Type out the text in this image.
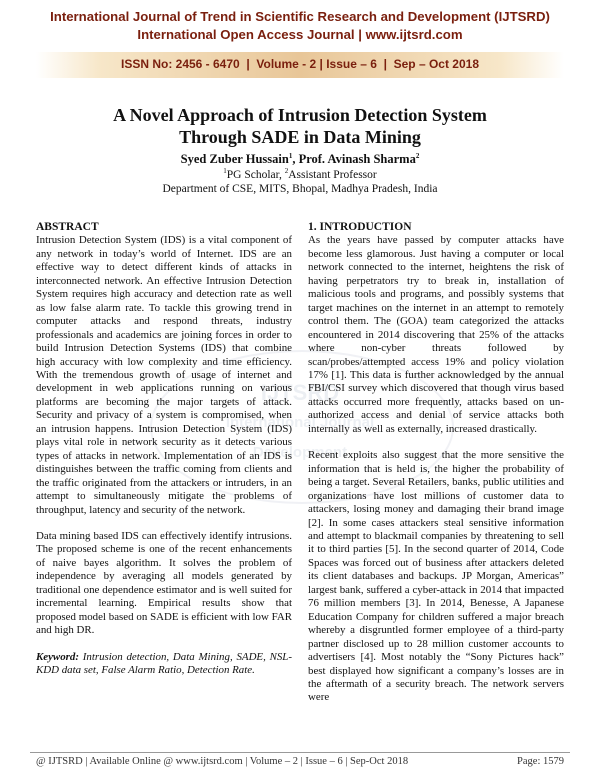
International Journal of Trend in Scientific Research and Development (IJTSRD)
International Open Access Journal | www.ijtsrd.com
ISSN No: 2456 - 6470  |  Volume - 2 | Issue – 6  |  Sep – Oct 2018
IJTSRD
International Journal
Development
A Novel Approach of Intrusion Detection System
Through SADE in Data Mining
Syed Zuber Hussain$^1$, Prof. Avinash Sharma$^2$
$^1$PG Scholar, $^2$Assistant Professor
Department of CSE, MITS, Bhopal, Madhya Pradesh, India
ABSTRACT

Intrusion Detection System (IDS) is a vital component of any network in today’s world of Internet. IDS are an effective way to detect different kinds of attacks in interconnected network. An effective Intrusion Detection System requires high accuracy and detection rate as well as low false alarm rate. To tackle this growing trend in computer attacks and respond threats, industry professionals and academics are joining forces in order to build Intrusion Detection Systems (IDS) that combine high accuracy with low complexity and time efficiency. With the tremendous growth of usage of internet and development in web applications running on various platforms are becoming the major targets of attack. Security and privacy of a system is compromised, when an intrusion happens. Intrusion Detection System (IDS) plays vital role in network security as it detects various types of attacks in network. Implementation of an IDS is distinguishes between the traffic coming from clients and the traffic originated from the attackers or intruders, in an attempt to simultaneously mitigate the problems of throughput, latency and security of the network.

Data mining based IDS can effectively identify intrusions. The proposed scheme is one of the recent enhancements of naive bayes algorithm. It solves the problem of independence by averaging all models generated by traditional one dependence estimator and is well suited for incremental learning. Empirical results show that proposed model based on SADE is efficient with low FAR and high DR.

Keyword: Intrusion detection, Data Mining, SADE, NSL-KDD data set, False Alarm Ratio, Detection Rate.

1. INTRODUCTION

As the years have passed by computer attacks have become less glamorous. Just having a computer or local network connected to the internet, heightens the risk of having perpetrators try to break in, installation of malicious tools and programs, and possibly systems that target machines on the internet in an attempt to remotely control them. The (GOA) team categorized the attacks encountered in 2014 discovering that 25% of the attacks where non-cyber threats followed by scan/probes/attempted access 19% and policy violation 17% [1]. This data is further acknowledged by the annual FBI/CSI survey which discovered that though virus based attacks occurred more frequently, attacks based on un-authorized access and denial of service attacks both internally as well as externally, increased drastically.

Recent exploits also suggest that the more sensitive the information that is held is, the higher the probability of being a target. Several Retailers, banks, public utilities and organizations have lost millions of customer data to attackers, losing money and damaging their brand image [2]. In some cases attackers steal sensitive information and attempt to blackmail companies by threatening to sell it to third parties [5]. In the second quarter of 2014, Code Spaces was forced out of business after attackers deleted its client databases and backups. JP Morgan, Americas” largest bank, suffered a cyber-attack in 2014 that impacted 76 million members [3]. In 2014, Benesse, A Japanese Education Company for children suffered a major breach whereby a disgruntled former employee of a third-party partner disclosed up to 28 million customer accounts to advertisers [4]. Most notably the “Sony Pictures hack” best displayed how significant a company’s losses are in the aftermath of a security breach. The network servers were

@ IJTSRD | Available Online @ www.ijtsrd.com | Volume – 2 | Issue – 6 | Sep-Oct 2018	Page: 1579
